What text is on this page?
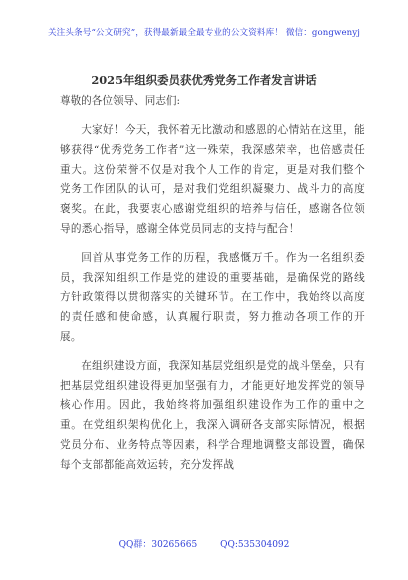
关注头条号“公文研究”，获得最新最全最专业的公文资料库！ 微信：gongwenyj
2025年组织委员获优秀党务工作者发言讲话
尊敬的各位领导、同志们:

大家好！今天，我怀着无比激动和感恩的心情站在这里，能够获得“优秀党务工作者”这一殊荣，我深感荣幸，也倍感责任重大。这份荣誉不仅是对我个人工作的肯定，更是对我们整个党务工作团队的认可，是对我们党组织凝聚力、战斗力的高度褒奖。在此，我要衷心感谢党组织的培养与信任，感谢各位领导的悉心指导，感谢全体党员同志的支持与配合！

回首从事党务工作的历程，我感慨万千。作为一名组织委员，我深知组织工作是党的建设的重要基础，是确保党的路线方针政策得以贯彻落实的关键环节。在工作中，我始终以高度的责任感和使命感，认真履行职责，努力推动各项工作的开展。

在组织建设方面，我深知基层党组织是党的战斗堡垒，只有把基层党组织建设得更加坚强有力，才能更好地发挥党的领导核心作用。因此，我始终将加强组织建设作为工作的重中之重。在党组织架构优化上，我深入调研各支部实际情况，根据党员分布、业务特点等因素，科学合理地调整支部设置，确保每个支部都能高效运转，充分发挥战

QQ群：30265665	QQ:535304092
